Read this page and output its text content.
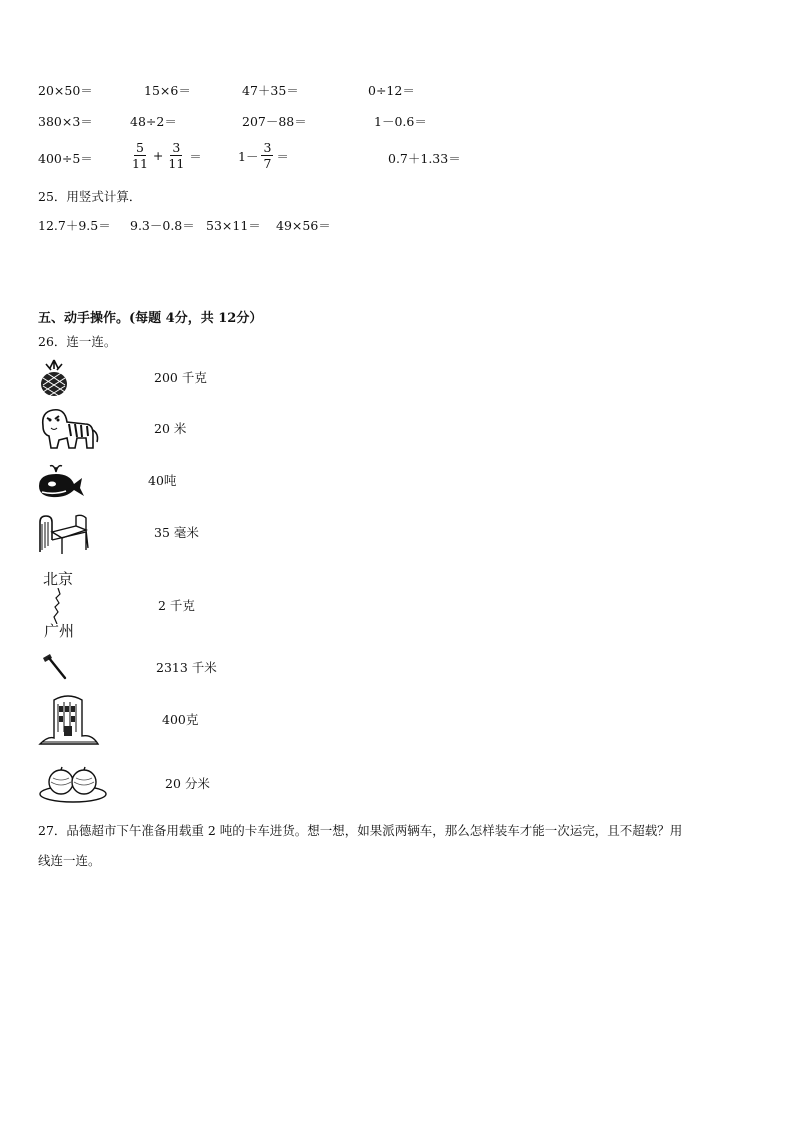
20×50＝	15×6＝	47＋35＝	0÷12＝
380×3＝	48÷2＝	207－88＝	1－0.6＝
400÷5＝	$\frac{5}{11} + \frac{3}{11}$ ＝	$1- \frac{3}{7}$ ＝	0.7＋1.33＝
25．用竖式计算．
12.7＋9.5＝ 9.3－0.8＝ 53×11＝ 49×56＝
五、动手操作。(每题 4分，共 12分）
26．连一连。
北京
广州
200 千克
20 米
40吨
35 毫米
2 千克
2313 千米
400克
20 分米
27．品德超市下午准备用载重 2 吨的卡车进货。想一想，如果派两辆车，那么怎样装车才能一次运完，且不超载？用
线连一连。
